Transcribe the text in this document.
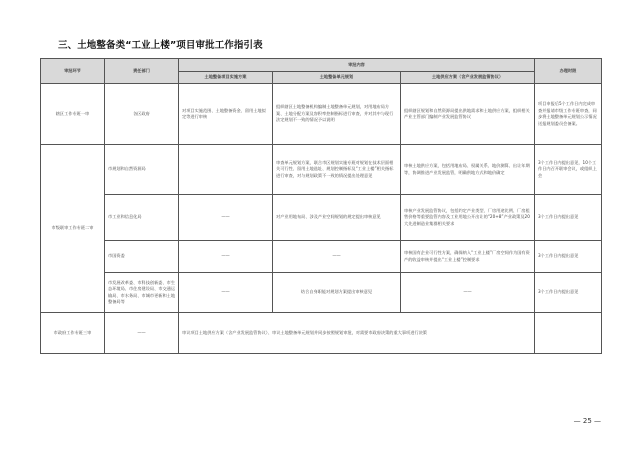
三、土地整备类“工业上楼”项目审批工作指引表
审批环节	责任部门	审批内容			办理时限
		土地整备项目实施方案	土地整备单元规划	土地供应方案（含产业发展监管协议）	
辖区工作专班一审	各区政府	对项目实施范围、土地整备资金、留用土地拟定等进行审核	组织辖区土地整备机构编制土地整备单元规划，对用地布局方案、土地分配方案及容积率控制指标进行审查，并对其中与现行法定规划不一致的情况予以说明	组织辖区规划和自然资源局提出供地需求和土地供应方案，组织相关产业主管部门编制产业发展监管协议	项目申报后5个工作日内完成审查并报请市级工作专班审查，同步将土地整备单元规划公示情况送报规划委员会备案。
市级联审工作专班二审	市规划和自然资源局		审查单元规划方案，联合市区规划实施专班对规划在技术层面相关可行性、留用土地选址、规划控制指标及“工业上楼”相关指标进行审查，对与规划政策不一致的情况提出处理意见	审核土地供应方案，包括用地布局、权属关系、地价测算、出让年期等，协调推进产业发展监管，明确供地方式和地价确定	3个工作日内提出意见，10个工作日内召开联审会议，或组织上会
	市工业和信息化局	——	对产业用地布局、涉及产业空间规划的规定提出审核意见	审核产业发展监管协议，包括约定产业类型、厂房用途比例、厂房租售价格等重要监管内容及工业用地公开出让的“20+8”产业政策及20大先进制造业集群相关要求	3个工作日内提出意见
	市国资委	——	——	审核国有企业可行性方案，确保纳入“工业上楼”厂房空间作为国有资产的收益审核并提出“工业上楼”控制要求	3个工作日内提出意见
	市发展改革委、市科技创新委、市生态环境局、市住房建设局、市交通运输局、市水务局、市城市更新和土地整备局等	——	结合自身职能对规划方案提出审核意见	——	3个工作日内提出意见
市政府工作专班三审	——	审议项目土地供应方案（含产业发展监管协议）、审议土地整备单元规划并同步按照规划审批，对需要市政府决策的重大事项进行决策			
— 25 —
